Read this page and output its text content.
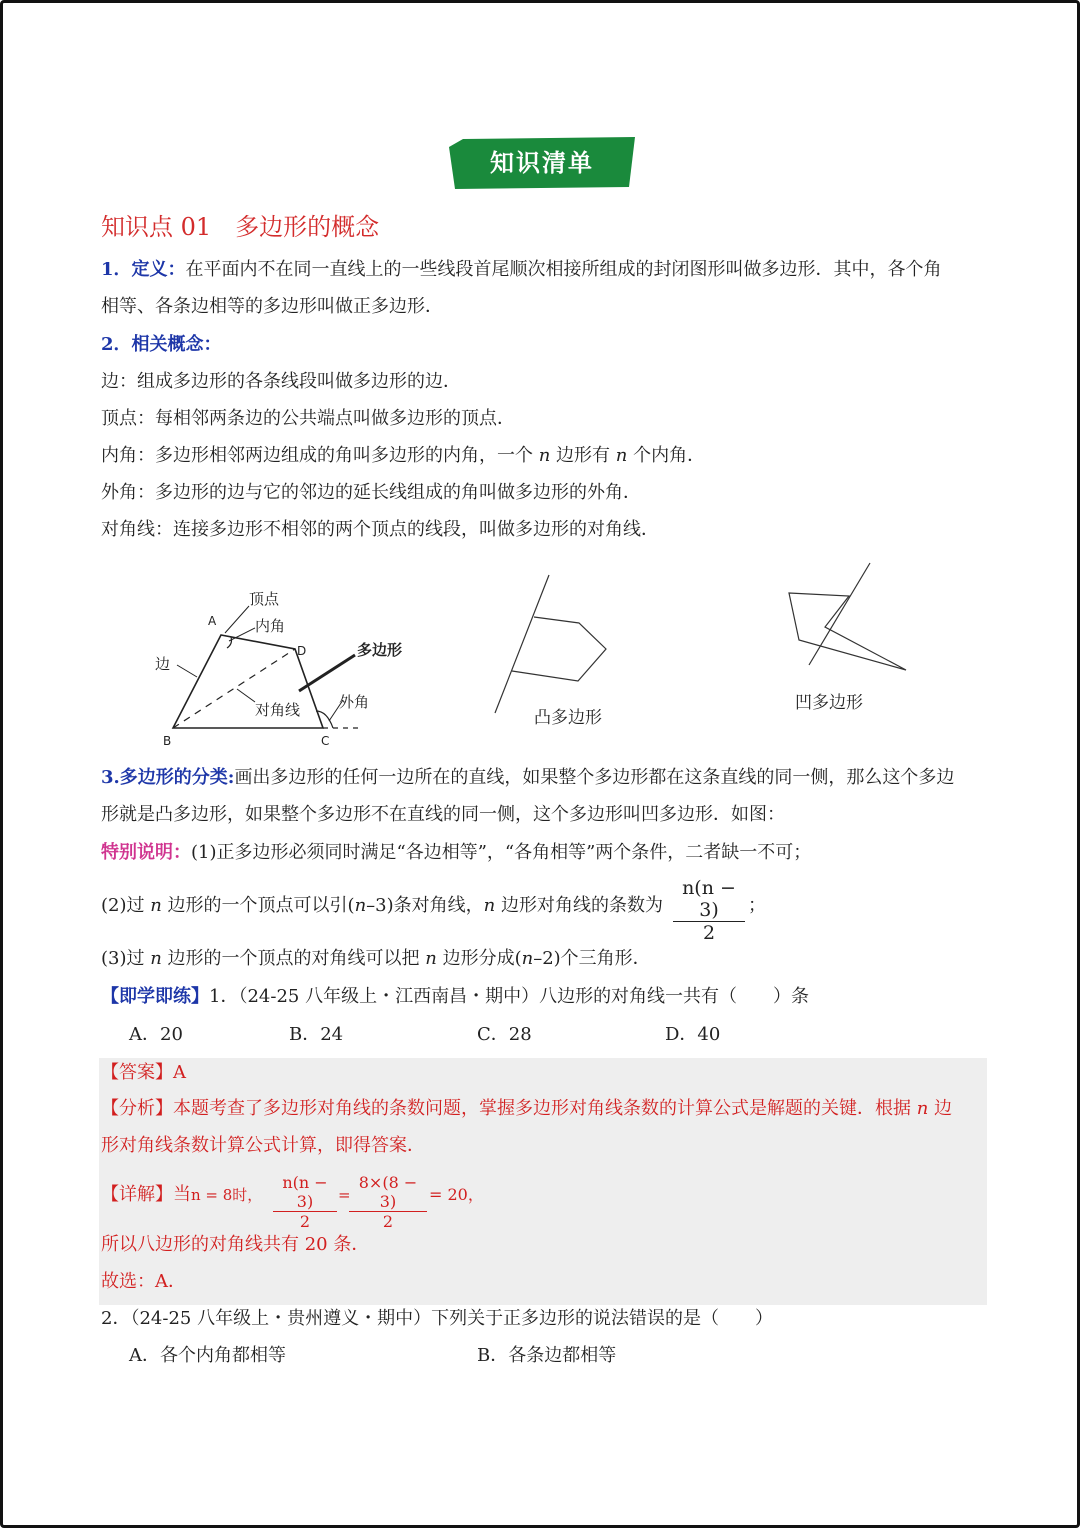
知识清单
知识点 01　多边形的概念
1．定义：在平面内不在同一直线上的一些线段首尾顺次相接所组成的封闭图形叫做多边形．其中，各个角
相等、各条边相等的多边形叫做正多边形．
2．相关概念：
边：组成多边形的各条线段叫做多边形的边．
顶点：每相邻两条边的公共端点叫做多边形的顶点．
内角：多边形相邻两边组成的角叫多边形的内角，一个 n 边形有 n 个内角．
外角：多边形的边与它的邻边的延长线组成的角叫做多边形的外角．
对角线：连接多边形不相邻的两个顶点的线段，叫做多边形的对角线．
顶点
内角
多边形
边
对角线	外角
A
D
B	C
凸多边形
凹多边形
3.多边形的分类:画出多边形的任何一边所在的直线，如果整个多边形都在这条直线的同一侧，那么这个多边
形就是凸多边形，如果整个多边形不在直线的同一侧，这个多边形叫凹多边形．如图：
特别说明：(1)正多边形必须同时满足“各边相等”，“各角相等”两个条件，二者缺一不可；
(2)过 n 边形的一个顶点可以引(n–3)条对角线，n 边形对角线的条数为
n(n − 3)
2
；
(3)过 n 边形的一个顶点的对角线可以把 n 边形分成(n–2)个三角形．
【即学即练】1．（24-25 八年级上・江西南昌・期中）八边形的对角线一共有（　　）条
A．20	B．24	C．28	D．40
【答案】A
【分析】本题考查了多边形对角线的条数问题，掌握多边形对角线条数的计算公式是解题的关键．根据 n 边
形对角线条数计算公式计算，即得答案．
【详解】当n = 8时，
n(n − 3)
2
=
8×(8 − 3)
2
= 20，
所以八边形的对角线共有 20 条．
故选：A．
2．（24-25 八年级上・贵州遵义・期中）下列关于正多边形的说法错误的是（　　）
A．各个内角都相等	B．各条边都相等
